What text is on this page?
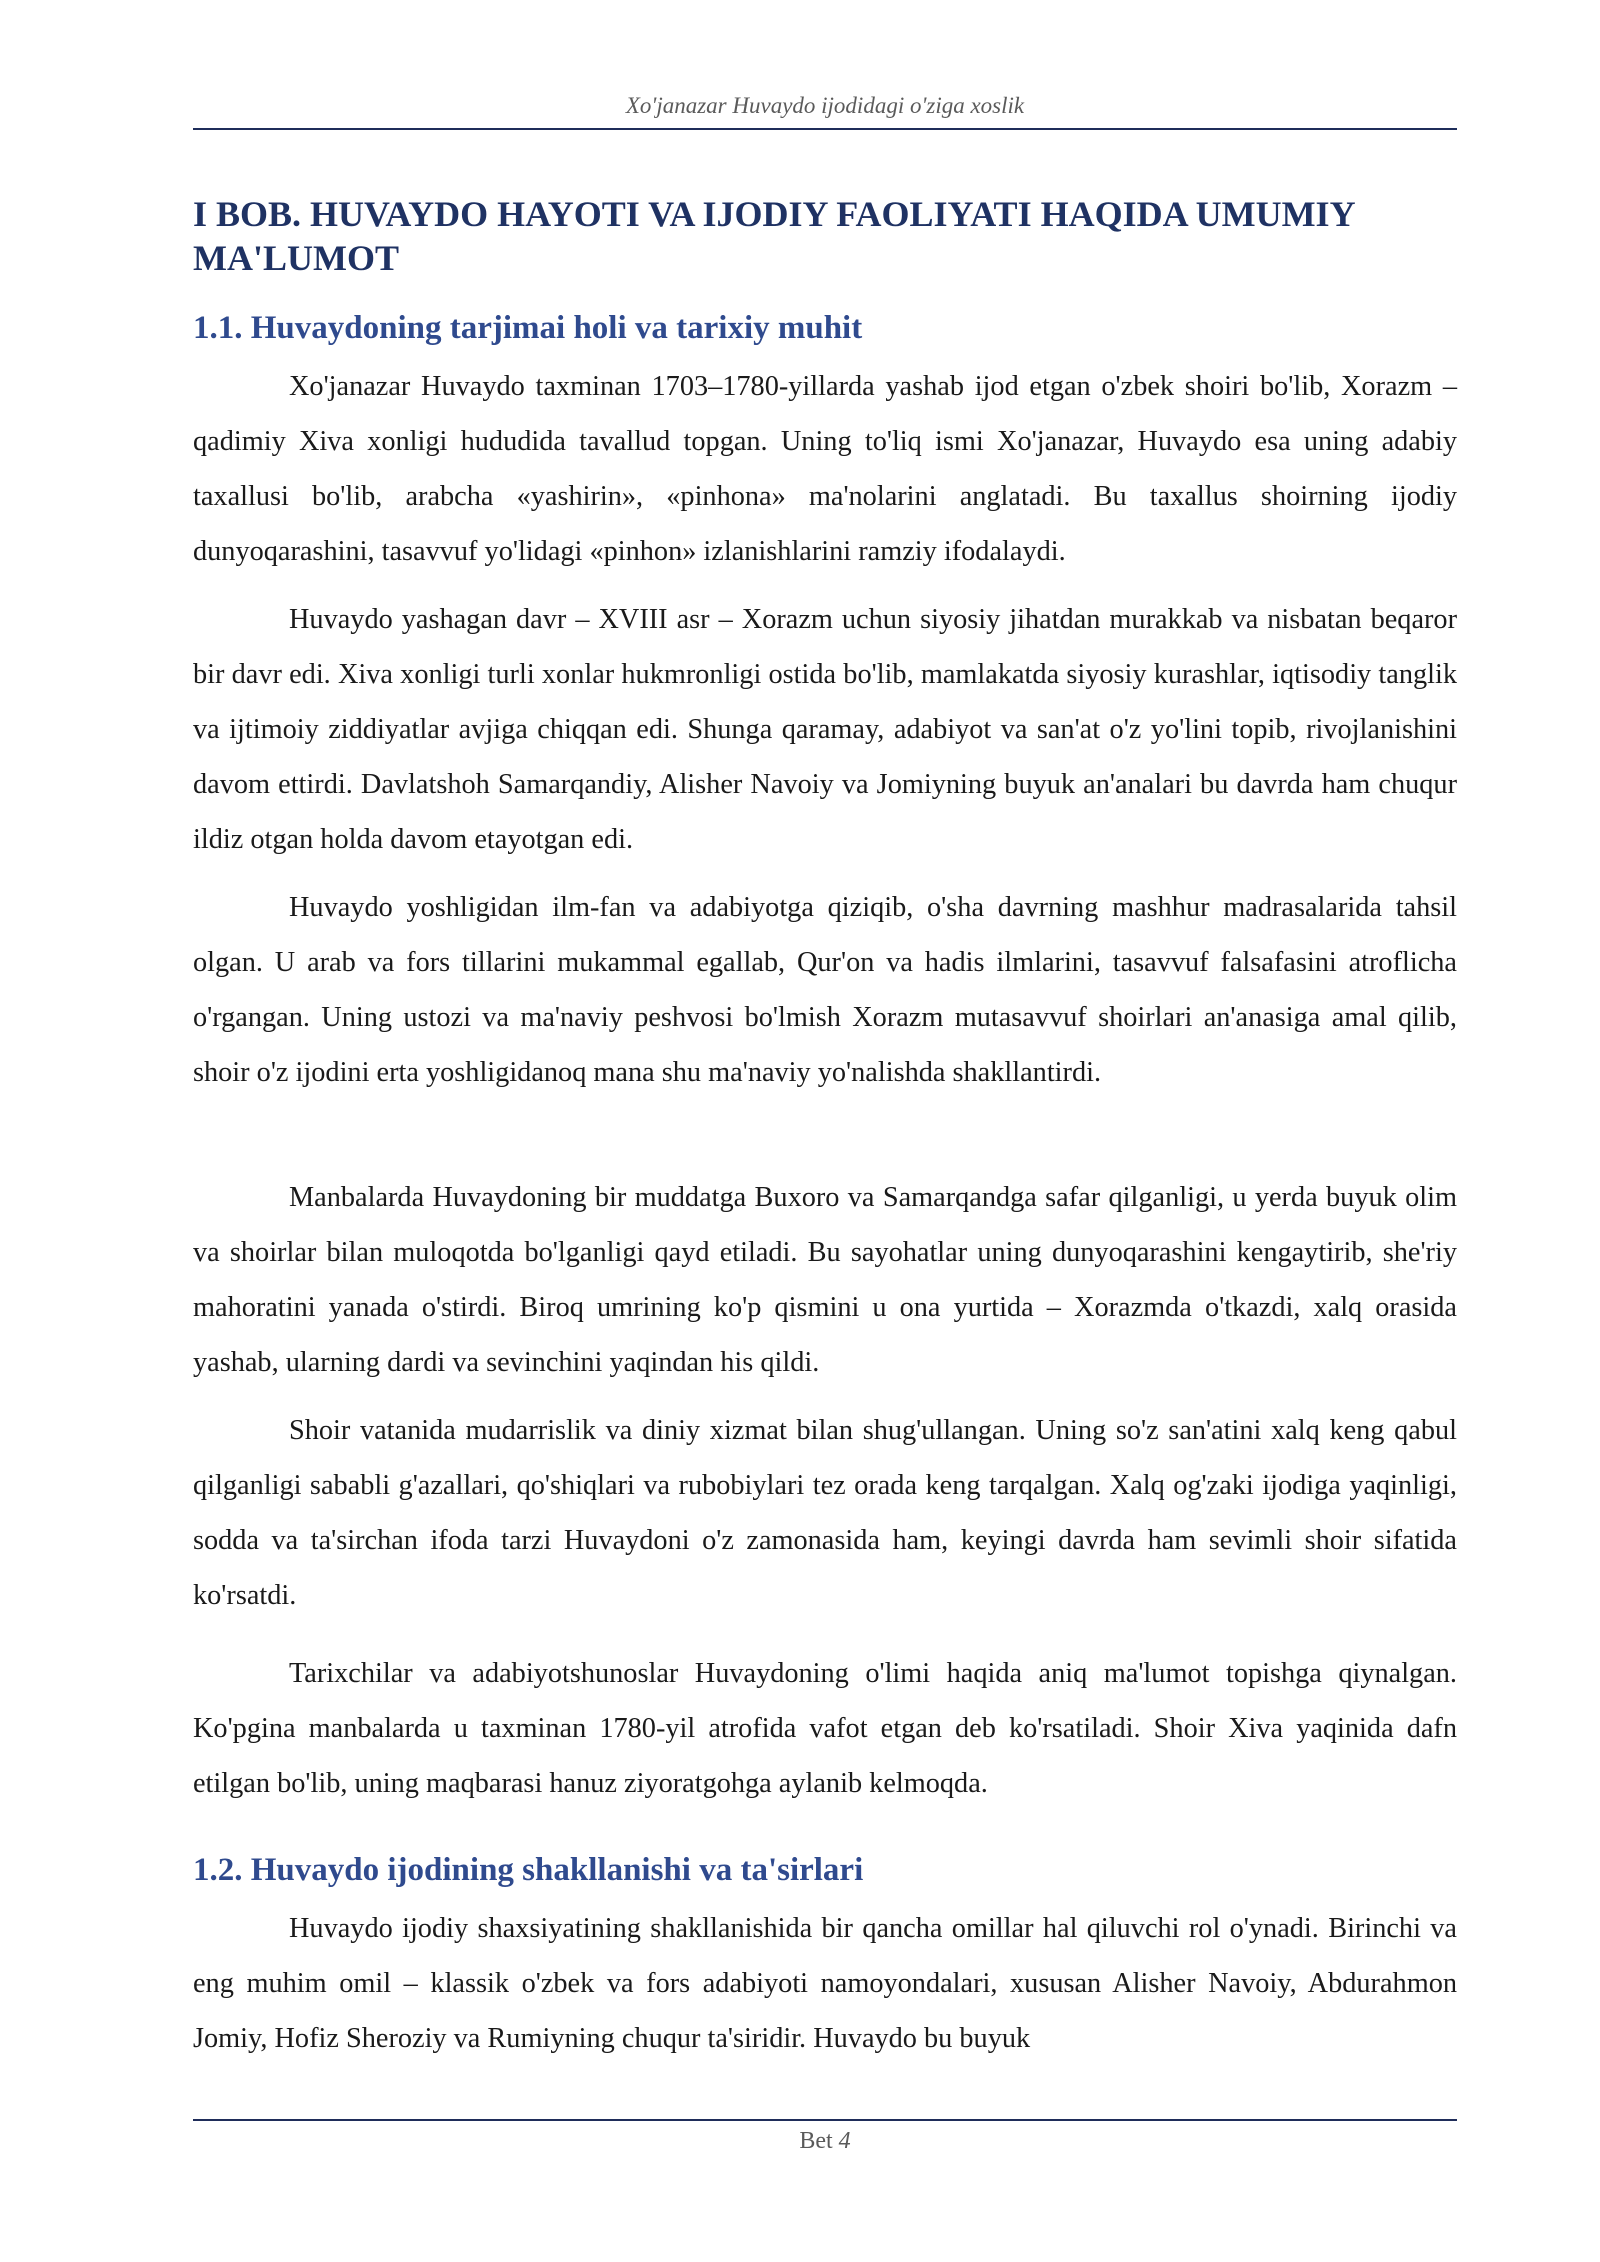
Xo'janazar Huvaydo ijodidagi o'ziga xoslik
I BOB. HUVAYDO HAYOTI VA IJODIY FAOLIYATI HAQIDA UMUMIY MA'LUMOT
1.1. Huvaydoning tarjimai holi va tarixiy muhit

Xo'janazar Huvaydo taxminan 1703–1780-yillarda yashab ijod etgan o'zbek shoiri bo'lib, Xorazm – qadimiy Xiva xonligi hududida tavallud topgan. Uning to'liq ismi Xo'janazar, Huvaydo esa uning adabiy taxallusi bo'lib, arabcha «yashirin», «pinhona» ma'nolarini anglatadi. Bu taxallus shoirning ijodiy dunyoqarashini, tasavvuf yo'lidagi «pinhon» izlanishlarini ramziy ifodalaydi.

Huvaydo yashagan davr – XVIII asr – Xorazm uchun siyosiy jihatdan murakkab va nisbatan beqaror bir davr edi. Xiva xonligi turli xonlar hukmronligi ostida bo'lib, mamlakatda siyosiy kurashlar, iqtisodiy tanglik va ijtimoiy ziddiyatlar avjiga chiqqan edi. Shunga qaramay, adabiyot va san'at o'z yo'lini topib, rivojlanishini davom ettirdi. Davlatshoh Samarqandiy, Alisher Navoiy va Jomiyning buyuk an'analari bu davrda ham chuqur ildiz otgan holda davom etayotgan edi.

Huvaydo yoshligidan ilm-fan va adabiyotga qiziqib, o'sha davrning mashhur madrasalarida tahsil olgan. U arab va fors tillarini mukammal egallab, Qur'on va hadis ilmlarini, tasavvuf falsafasini atroflicha o'rgangan. Uning ustozi va ma'naviy peshvosi bo'lmish Xorazm mutasavvuf shoirlari an'anasiga amal qilib, shoir o'z ijodini erta yoshligidanoq mana shu ma'naviy yo'nalishda shakllantirdi.

Manbalarda Huvaydoning bir muddatga Buxoro va Samarqandga safar qilganligi, u yerda buyuk olim va shoirlar bilan muloqotda bo'lganligi qayd etiladi. Bu sayohatlar uning dunyoqarashini kengaytirib, she'riy mahoratini yanada o'stirdi. Biroq umrining ko'p qismini u ona yurtida – Xorazmda o'tkazdi, xalq orasida yashab, ularning dardi va sevinchini yaqindan his qildi.

Shoir vatanida mudarrislik va diniy xizmat bilan shug'ullangan. Uning so'z san'atini xalq keng qabul qilganligi sababli g'azallari, qo'shiqlari va rubobiylari tez orada keng tarqalgan. Xalq og'zaki ijodiga yaqinligi, sodda va ta'sirchan ifoda tarzi Huvaydoni o'z zamonasida ham, keyingi davrda ham sevimli shoir sifatida ko'rsatdi.

Tarixchilar va adabiyotshunoslar Huvaydoning o'limi haqida aniq ma'lumot topishga qiynalgan. Ko'pgina manbalarda u taxminan 1780-yil atrofida vafot etgan deb ko'rsatiladi. Shoir Xiva yaqinida dafn etilgan bo'lib, uning maqbarasi hanuz ziyoratgohga aylanib kelmoqda.

1.2. Huvaydo ijodining shakllanishi va ta'sirlari

Huvaydo ijodiy shaxsiyatining shakllanishida bir qancha omillar hal qiluvchi rol o'ynadi. Birinchi va eng muhim omil – klassik o'zbek va fors adabiyoti namoyondalari, xususan Alisher Navoiy, Abdurahmon Jomiy, Hofiz Sheroziy va Rumiyning chuqur ta'siridir. Huvaydo bu buyuk

Bet 4
